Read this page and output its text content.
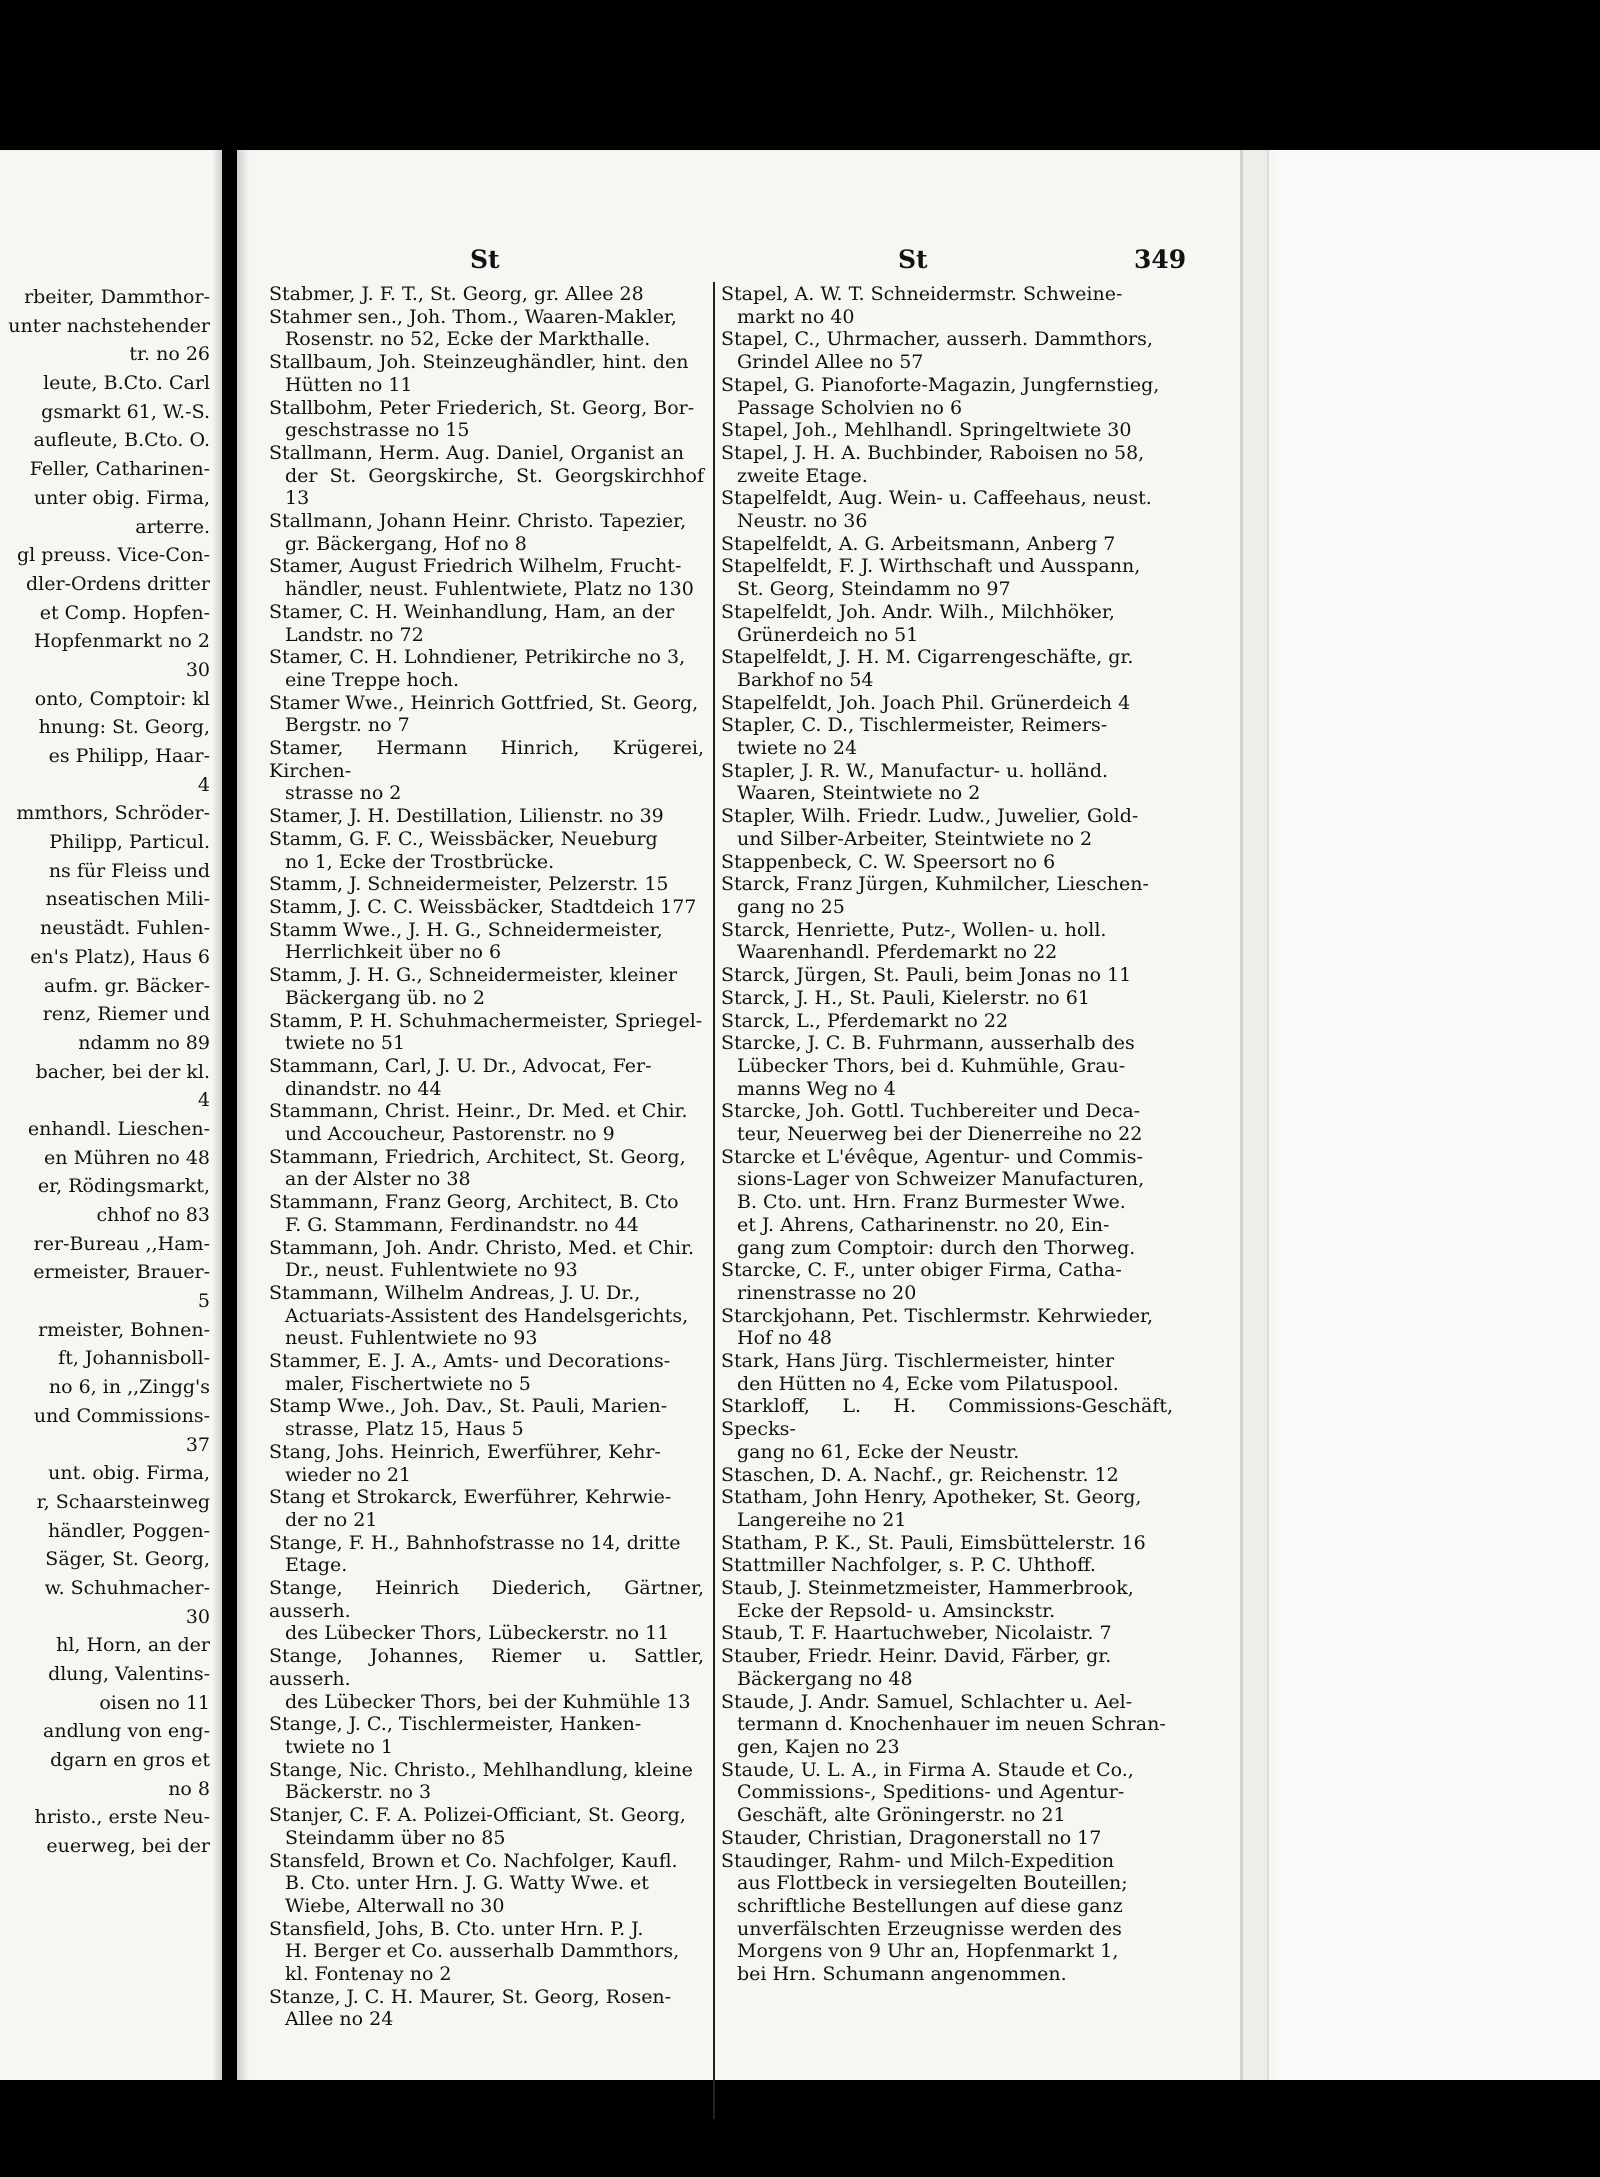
rbeiter, Dammthor-
unter nachstehender
tr. no 26
leute, B.Cto. Carl
gsmarkt 61, W.-S.
aufleute, B.Cto. O.
Feller, Catharinen-
unter obig. Firma,
arterre.
gl preuss. Vice-Con-
dler-Ordens dritter
et Comp. Hopfen-
Hopfenmarkt no 2
30
onto, Comptoir: kl
hnung: St. Georg,
es Philipp, Haar-
4
mmthors, Schröder-
Philipp, Particul.
ns für Fleiss und
nseatischen Mili-
neustädt. Fuhlen-
en's Platz), Haus 6
aufm. gr. Bäcker-
renz, Riemer und
ndamm no 89
bacher, bei der kl.
4
enhandl. Lieschen-
en Mühren no 48
er, Rödingsmarkt,
chhof no 83
rer-Bureau ,,Ham-
ermeister, Brauer-
5
rmeister, Bohnen-
ft, Johannisboll-
no 6, in ,,Zingg's
und Commissions-
37
unt. obig. Firma,
r, Schaarsteinweg
händler, Poggen-
Säger, St. Georg,
w. Schuhmacher-
30
hl, Horn, an der
dlung, Valentins-
oisen no 11
andlung von eng-
dgarn en gros et
no 8
hristo., erste Neu-
euerweg, bei der
St	St	349
Stabmer, J. F. T., St. Georg, gr. Allee 28
Stahmer sen., Joh. Thom., Waaren-Makler,
Rosenstr. no 52, Ecke der Markthalle.
Stallbaum, Joh. Steinzeughändler, hint. den
Hütten no 11
Stallbohm, Peter Friederich, St. Georg, Bor-
geschstrasse no 15
Stallmann, Herm. Aug. Daniel, Organist an
der St. Georgskirche, St. Georgskirchhof 13
Stallmann, Johann Heinr. Christo. Tapezier,
gr. Bäckergang, Hof no 8
Stamer, August Friedrich Wilhelm, Frucht-
händler, neust. Fuhlentwiete, Platz no 130
Stamer, C. H. Weinhandlung, Ham, an der
Landstr. no 72
Stamer, C. H. Lohndiener, Petrikirche no 3,
eine Treppe hoch.
Stamer Wwe., Heinrich Gottfried, St. Georg,
Bergstr. no 7
Stamer, Hermann Hinrich, Krügerei, Kirchen-
strasse no 2
Stamer, J. H. Destillation, Lilienstr. no 39
Stamm, G. F. C., Weissbäcker, Neueburg
no 1, Ecke der Trostbrücke.
Stamm, J. Schneidermeister, Pelzerstr. 15
Stamm, J. C. C. Weissbäcker, Stadtdeich 177
Stamm Wwe., J. H. G., Schneidermeister,
Herrlichkeit über no 6
Stamm, J. H. G., Schneidermeister, kleiner
Bäckergang üb. no 2
Stamm, P. H. Schuhmachermeister, Spriegel-
twiete no 51
Stammann, Carl, J. U. Dr., Advocat, Fer-
dinandstr. no 44
Stammann, Christ. Heinr., Dr. Med. et Chir.
und Accoucheur, Pastorenstr. no 9
Stammann, Friedrich, Architect, St. Georg,
an der Alster no 38
Stammann, Franz Georg, Architect, B. Cto
F. G. Stammann, Ferdinandstr. no 44
Stammann, Joh. Andr. Christo, Med. et Chir.
Dr., neust. Fuhlentwiete no 93
Stammann, Wilhelm Andreas, J. U. Dr.,
Actuariats-Assistent des Handelsgerichts,
neust. Fuhlentwiete no 93
Stammer, E. J. A., Amts- und Decorations-
maler, Fischertwiete no 5
Stamp Wwe., Joh. Dav., St. Pauli, Marien-
strasse, Platz 15, Haus 5
Stang, Johs. Heinrich, Ewerführer, Kehr-
wieder no 21
Stang et Strokarck, Ewerführer, Kehrwie-
der no 21
Stange, F. H., Bahnhofstrasse no 14, dritte
Etage.
Stange, Heinrich Diederich, Gärtner, ausserh.
des Lübecker Thors, Lübeckerstr. no 11
Stange, Johannes, Riemer u. Sattler, ausserh.
des Lübecker Thors, bei der Kuhmühle 13
Stange, J. C., Tischlermeister, Hanken-
twiete no 1
Stange, Nic. Christo., Mehlhandlung, kleine
Bäckerstr. no 3
Stanjer, C. F. A. Polizei-Officiant, St. Georg,
Steindamm über no 85
Stansfeld, Brown et Co. Nachfolger, Kaufl.
B. Cto. unter Hrn. J. G. Watty Wwe. et
Wiebe, Alterwall no 30
Stansfield, Johs, B. Cto. unter Hrn. P. J.
H. Berger et Co. ausserhalb Dammthors,
kl. Fontenay no 2
Stanze, J. C. H. Maurer, St. Georg, Rosen-
Allee no 24
Stapel, A. W. T. Schneidermstr. Schweine-
markt no 40
Stapel, C., Uhrmacher, ausserh. Dammthors,
Grindel Allee no 57
Stapel, G. Pianoforte-Magazin, Jungfernstieg,
Passage Scholvien no 6
Stapel, Joh., Mehlhandl. Springeltwiete 30
Stapel, J. H. A. Buchbinder, Raboisen no 58,
zweite Etage.
Stapelfeldt, Aug. Wein- u. Caffeehaus, neust.
Neustr. no 36
Stapelfeldt, A. G. Arbeitsmann, Anberg 7
Stapelfeldt, F. J. Wirthschaft und Ausspann,
St. Georg, Steindamm no 97
Stapelfeldt, Joh. Andr. Wilh., Milchhöker,
Grünerdeich no 51
Stapelfeldt, J. H. M. Cigarrengeschäfte, gr.
Barkhof no 54
Stapelfeldt, Joh. Joach Phil. Grünerdeich 4
Stapler, C. D., Tischlermeister, Reimers-
twiete no 24
Stapler, J. R. W., Manufactur- u. holländ.
Waaren, Steintwiete no 2
Stapler, Wilh. Friedr. Ludw., Juwelier, Gold-
und Silber-Arbeiter, Steintwiete no 2
Stappenbeck, C. W. Speersort no 6
Starck, Franz Jürgen, Kuhmilcher, Lieschen-
gang no 25
Starck, Henriette, Putz-, Wollen- u. holl.
Waarenhandl. Pferdemarkt no 22
Starck, Jürgen, St. Pauli, beim Jonas no 11
Starck, J. H., St. Pauli, Kielerstr. no 61
Starck, L., Pferdemarkt no 22
Starcke, J. C. B. Fuhrmann, ausserhalb des
Lübecker Thors, bei d. Kuhmühle, Grau-
manns Weg no 4
Starcke, Joh. Gottl. Tuchbereiter und Deca-
teur, Neuerweg bei der Dienerreihe no 22
Starcke et L'évêque, Agentur- und Commis-
sions-Lager von Schweizer Manufacturen,
B. Cto. unt. Hrn. Franz Burmester Wwe.
et J. Ahrens, Catharinenstr. no 20, Ein-
gang zum Comptoir: durch den Thorweg.
Starcke, C. F., unter obiger Firma, Catha-
rinenstrasse no 20
Starckjohann, Pet. Tischlermstr. Kehrwieder,
Hof no 48
Stark, Hans Jürg. Tischlermeister, hinter
den Hütten no 4, Ecke vom Pilatuspool.
Starkloff, L. H. Commissions-Geschäft, Specks-
gang no 61, Ecke der Neustr.
Staschen, D. A. Nachf., gr. Reichenstr. 12
Statham, John Henry, Apotheker, St. Georg,
Langereihe no 21
Statham, P. K., St. Pauli, Eimsbüttelerstr. 16
Stattmiller Nachfolger, s. P. C. Uhthoff.
Staub, J. Steinmetzmeister, Hammerbrook,
Ecke der Repsold- u. Amsinckstr.
Staub, T. F. Haartuchweber, Nicolaistr. 7
Stauber, Friedr. Heinr. David, Färber, gr.
Bäckergang no 48
Staude, J. Andr. Samuel, Schlachter u. Ael-
termann d. Knochenhauer im neuen Schran-
gen, Kajen no 23
Staude, U. L. A., in Firma A. Staude et Co.,
Commissions-, Speditions- und Agentur-
Geschäft, alte Gröningerstr. no 21
Stauder, Christian, Dragonerstall no 17
Staudinger, Rahm- und Milch-Expedition
aus Flottbeck in versiegelten Bouteillen;
schriftliche Bestellungen auf diese ganz
unverfälschten Erzeugnisse werden des
Morgens von 9 Uhr an, Hopfenmarkt 1,
bei Hrn. Schumann angenommen.
